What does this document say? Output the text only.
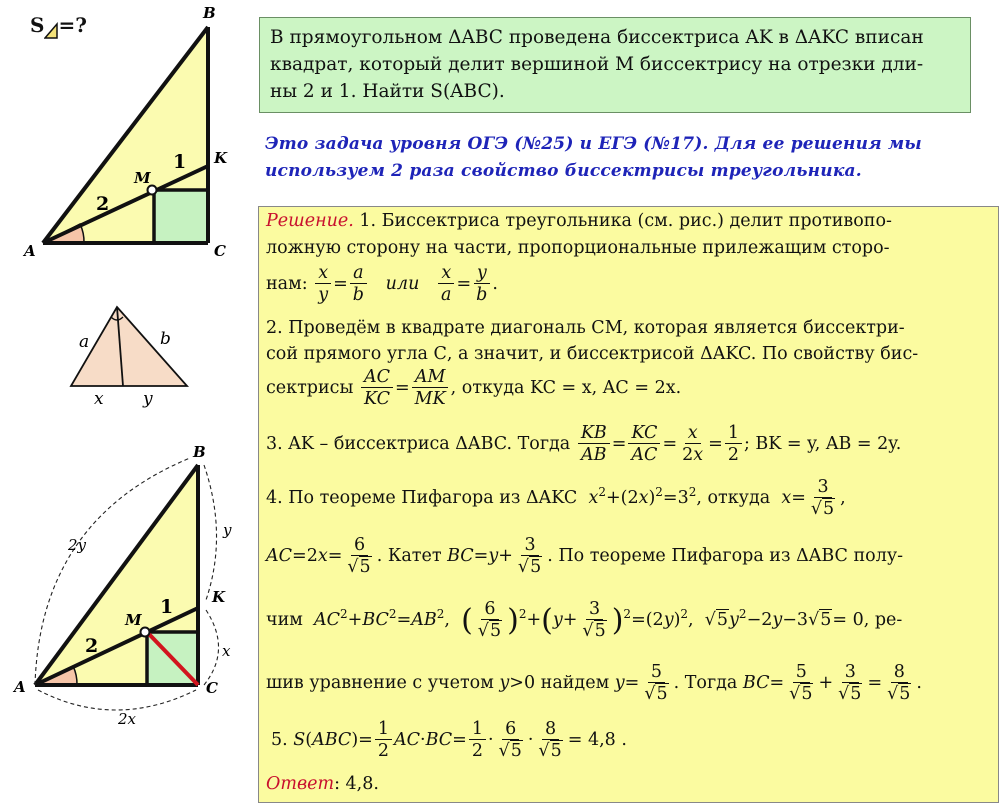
S =?
A
B
C
K
M
2
1
a	b
x y
A
B
C
K
M
2
1
2y
y
x
2x
В прямоугольном ΔABC проведена биссектриса AK в ΔAKC вписан
квадрат, который делит вершиной M биссектрису на отрезки дли-
ны 2 и 1. Найти S(ABC).
Это задача уровня ОГЭ (№25) и ЕГЭ (№17). Для ее решения мы
используем 2 раза свойство биссектрисы треугольника.
Решение. 1. Биссектриса треугольника (см. рис.) делит противопо-
ложную сторону на части, пропорциональные прилежащим сторо-
нам: $\frac{x}{y} = \frac{a}{b}$ или $\frac{x}{a} = \frac{y}{b}$ .
2. Проведём в квадрате диагональ CM, которая является биссектри-
сой прямого угла С, а значит, и биссектрисой ΔAKC. По свойству бис-
сектрисы $\frac{AC}{KC} = \frac{AM}{MK}$ , откуда KC = x, AC = 2x.
3. AK – биссектриса ΔABC. Тогда $\frac{KB}{AB} = \frac{KC}{AC} = \frac{x}{2x} = \frac{1}{2}$ ; BK = y, AB = 2y.
4. По теореме Пифагора из ΔAKC $x^2+(2x)^2=3^2$, откуда $x= \frac{3}{√5}$ ,
$AC=2x= \frac{6}{√5}$ . Катет $BC=y+ \frac{3}{√5}$ . По теореме Пифагора из ΔABC полу-
чим $AC^2+BC^2=AB^2$,  ( $\frac{6}{√5} )^2+(y+ \frac{3}{√5} )^2=(2y)^2$,  $√5y^2-2y-3√5= 0$, ре-
шив уравнение с учетом y>0 найдем $y= \frac{5}{√5}$ . Тогда $BC= \frac{5}{√5} + \frac{3}{√5} = \frac{8}{√5}$ .
5. $S(ABC)= \frac{1}{2} AC\cdot BC= \frac{1}{2} \cdot \frac{6}{√5} \cdot \frac{8}{√5} = 4,8$ .
Ответ: 4,8.
